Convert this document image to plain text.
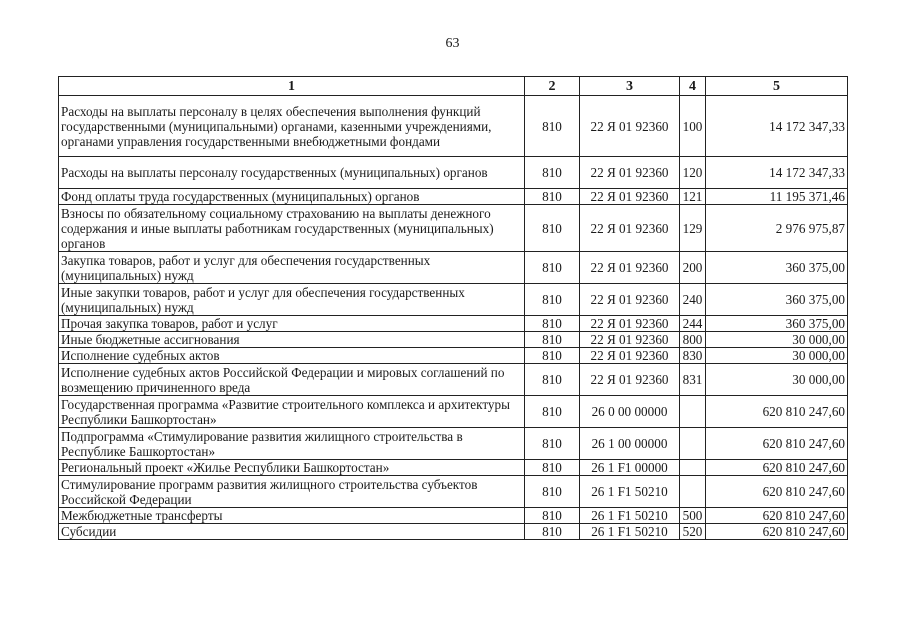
63
1	2	3	4	5
Расходы на выплаты персоналу в целях обеспечения выполнения функций государственными (муниципальными) органами, казенными учреждениями, органами управления государственными внебюджетными фондами	810	22 Я 01 92360	100	14 172 347,33
Расходы на выплаты персоналу государственных (муниципальных) органов	810	22 Я 01 92360	120	14 172 347,33
Фонд оплаты труда государственных (муниципальных) органов	810	22 Я 01 92360	121	11 195 371,46
Взносы по обязательному социальному страхованию на выплаты денежного содержания и иные выплаты работникам государственных (муниципальных) органов	810	22 Я 01 92360	129	2 976 975,87
Закупка товаров, работ и услуг для обеспечения государственных (муниципальных) нужд	810	22 Я 01 92360	200	360 375,00
Иные закупки товаров, работ и услуг для обеспечения государственных (муниципальных) нужд	810	22 Я 01 92360	240	360 375,00
Прочая закупка товаров, работ и услуг	810	22 Я 01 92360	244	360 375,00
Иные бюджетные ассигнования	810	22 Я 01 92360	800	30 000,00
Исполнение судебных актов	810	22 Я 01 92360	830	30 000,00
Исполнение судебных актов Российской Федерации и мировых соглашений по возмещению причиненного вреда	810	22 Я 01 92360	831	30 000,00
Государственная программа «Развитие строительного комплекса и архитектуры Республики Башкортостан»	810	26 0 00 00000		620 810 247,60
Подпрограмма «Стимулирование развития жилищного строительства в Республике Башкортостан»	810	26 1 00 00000		620 810 247,60
Региональный проект «Жилье Республики Башкортостан»	810	26 1 F1 00000		620 810 247,60
Стимулирование программ развития жилищного строительства субъектов Российской Федерации	810	26 1 F1 50210		620 810 247,60
Межбюджетные трансферты	810	26 1 F1 50210	500	620 810 247,60
Субсидии	810	26 1 F1 50210	520	620 810 247,60
